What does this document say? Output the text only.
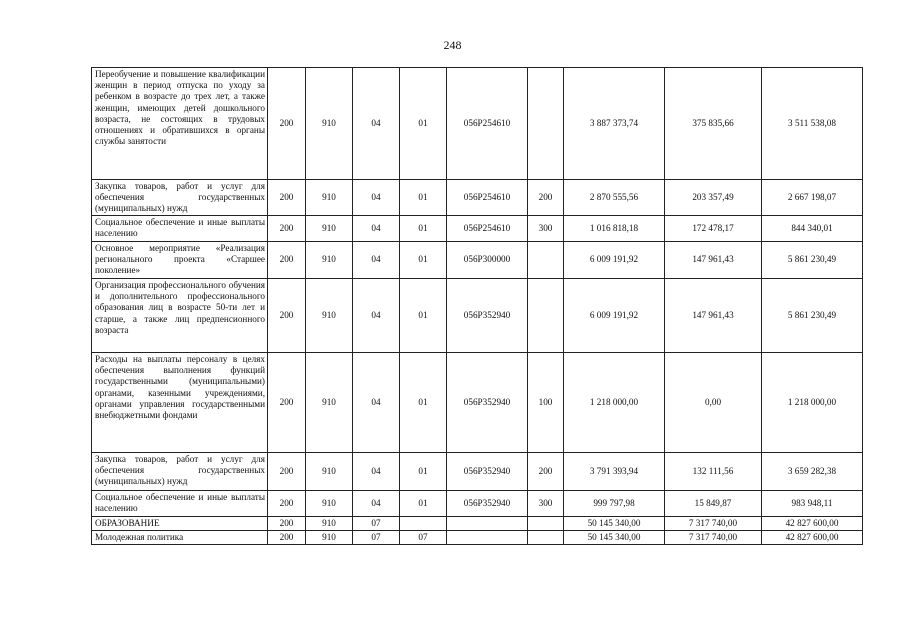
248
Переобучение и повышение квалификации женщин в период отпуска по уходу за ребенком в возрасте до трех лет, а также женщин, имеющих детей дошкольного возраста, не состоящих в трудовых отношениях и обратившихся в органы службы занятости	200	910	04	01	056P254610		3 887 373,74	375 835,66	3 511 538,08
Закупка товаров, работ и услуг для обеспечения государственных (муниципальных) нужд	200	910	04	01	056P254610	200	2 870 555,56	203 357,49	2 667 198,07
Социальное обеспечение и иные выплаты населению	200	910	04	01	056P254610	300	1 016 818,18	172 478,17	844 340,01
Основное мероприятие «Реализация регионального проекта «Старшее поколение»	200	910	04	01	056P300000		6 009 191,92	147 961,43	5 861 230,49
Организация профессионального обучения и дополнительного профессионального образования лиц в возрасте 50-ти лет и старше, а также лиц предпенсионного возраста	200	910	04	01	056P352940		6 009 191,92	147 961,43	5 861 230,49
Расходы на выплаты персоналу в целях обеспечения выполнения функций государственными (муниципальными) органами, казенными учреждениями, органами управления государственными внебюджетными фондами	200	910	04	01	056P352940	100	1 218 000,00	0,00	1 218 000,00
Закупка товаров, работ и услуг для обеспечения государственных (муниципальных) нужд	200	910	04	01	056P352940	200	3 791 393,94	132 111,56	3 659 282,38
Социальное обеспечение и иные выплаты населению	200	910	04	01	056P352940	300	999 797,98	15 849,87	983 948,11
ОБРАЗОВАНИЕ	200	910	07				50 145 340,00	7 317 740,00	42 827 600,00
Молодежная политика	200	910	07	07			50 145 340,00	7 317 740,00	42 827 600,00
